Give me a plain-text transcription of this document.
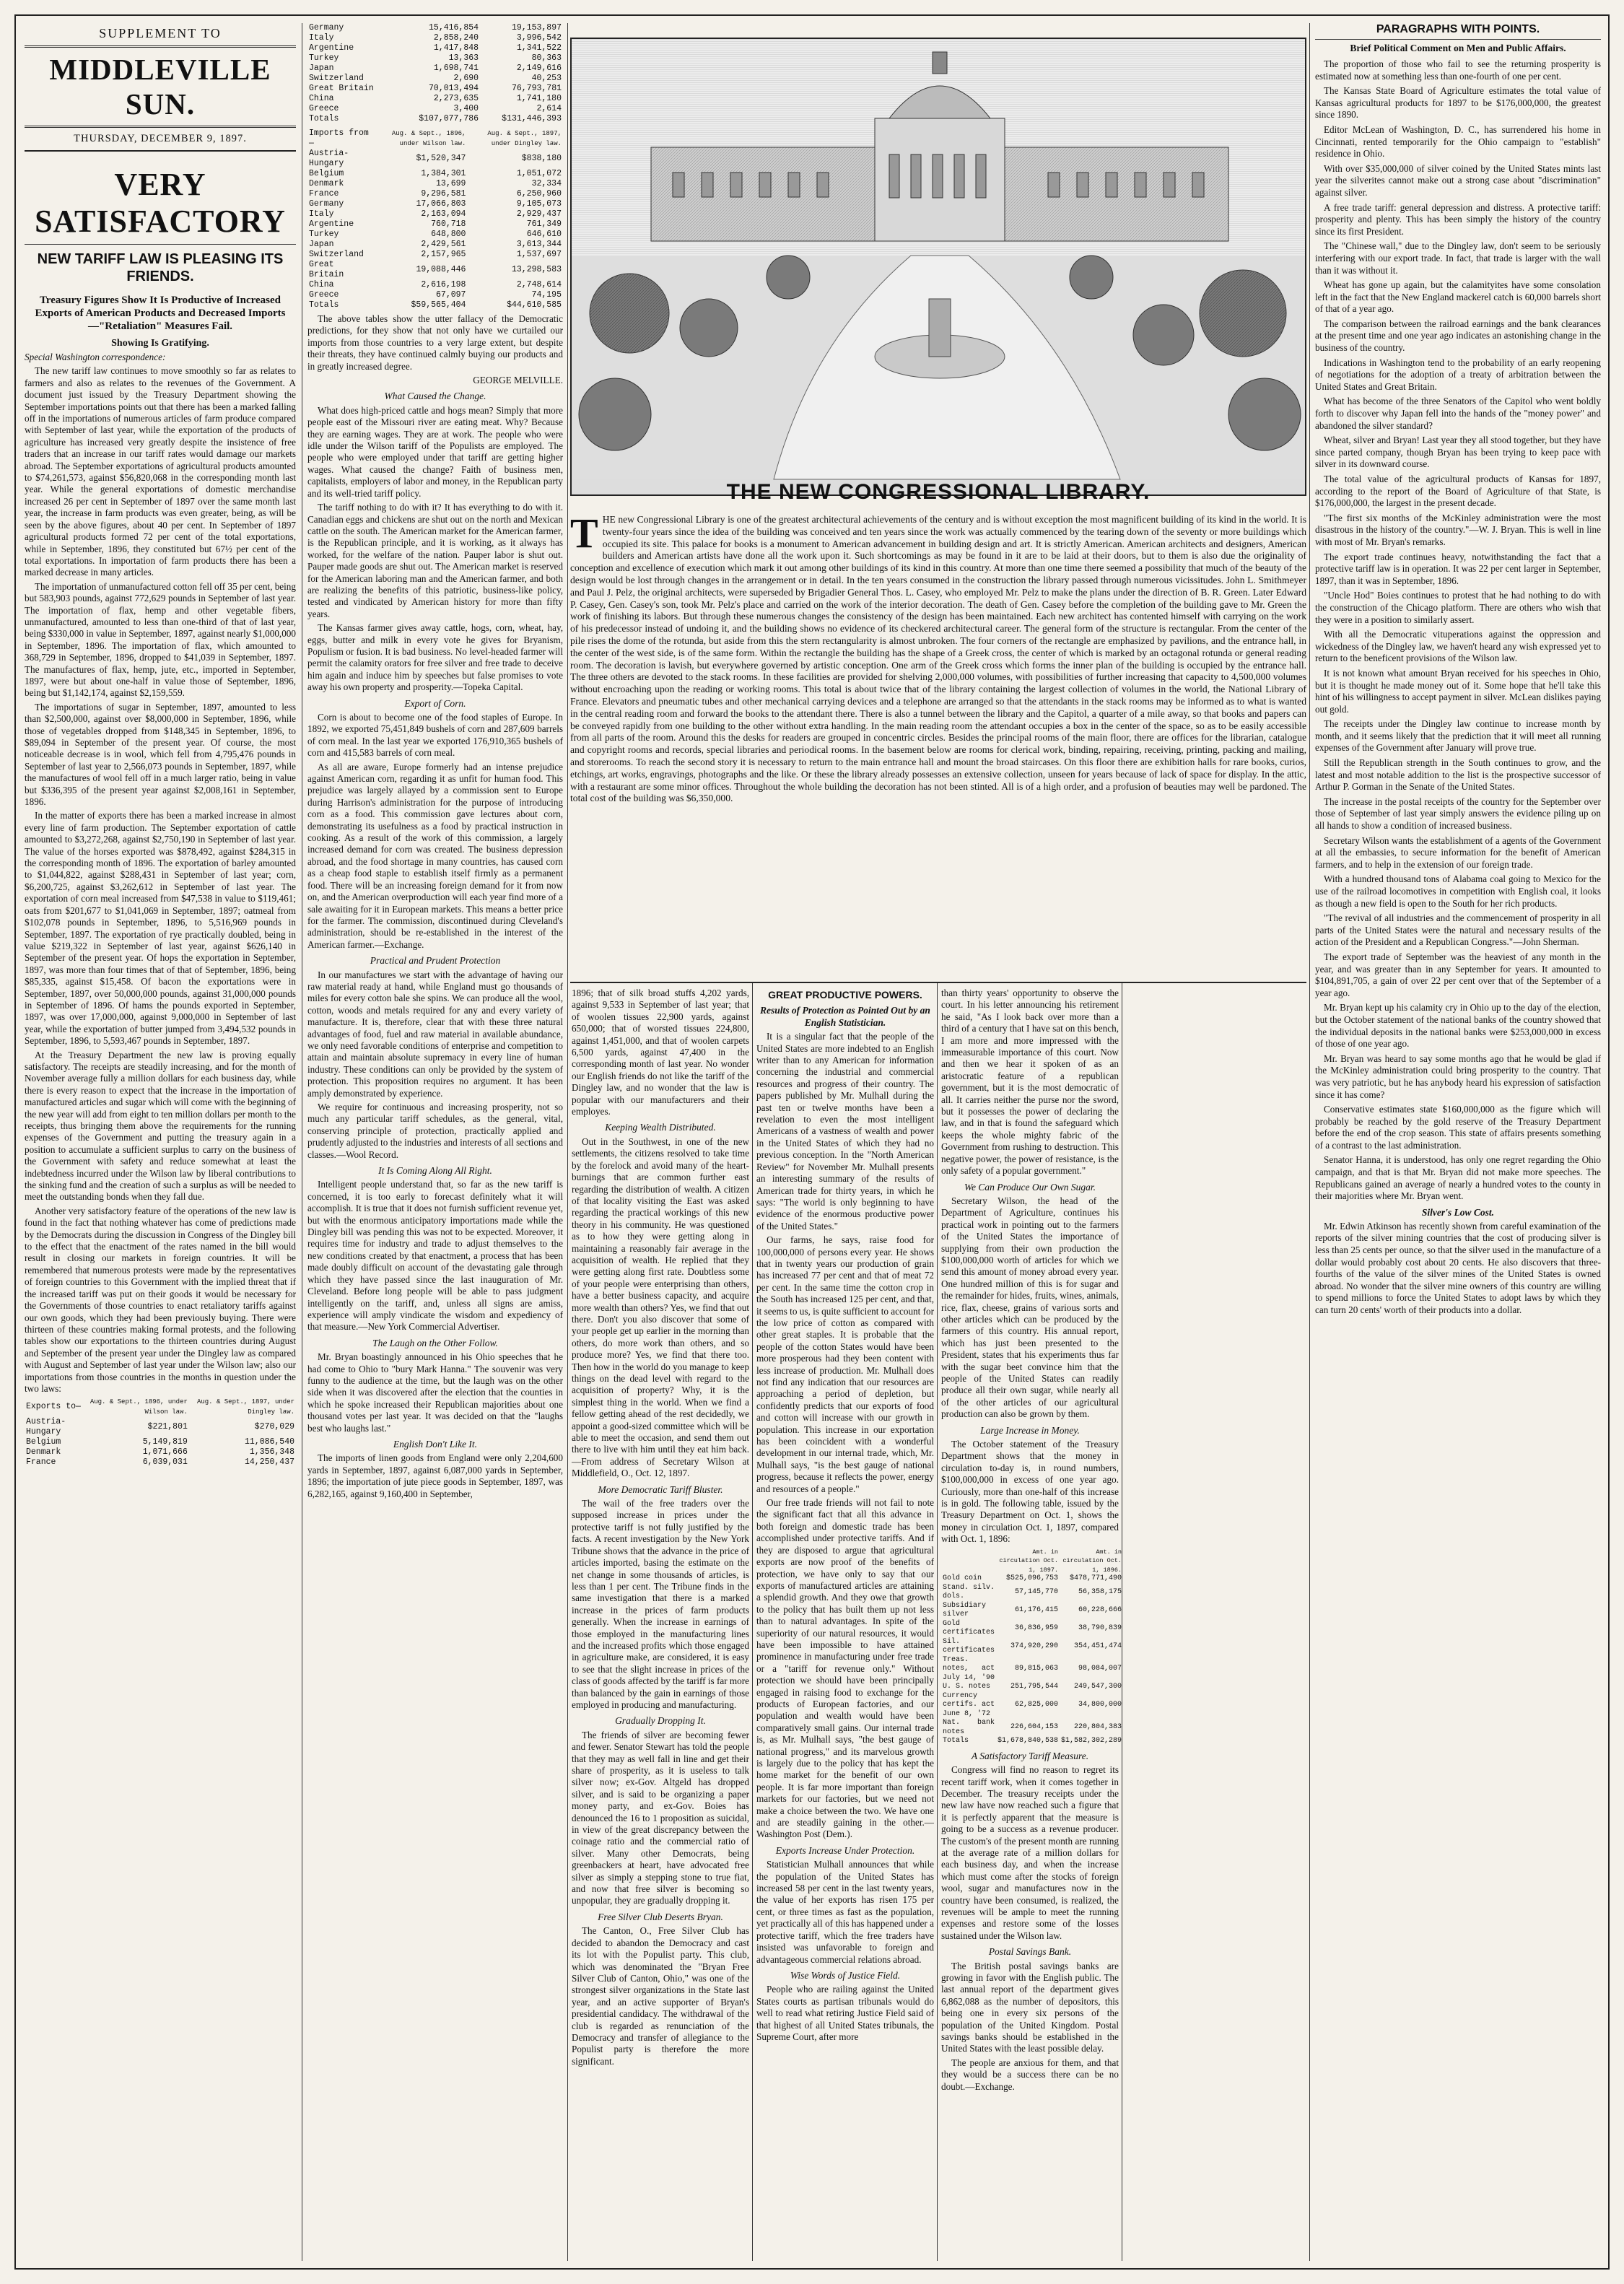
SUPPLEMENT TO
MIDDLEVILLE SUN.
THURSDAY, DECEMBER 9, 1897.
VERY SATISFACTORY
NEW TARIFF LAW IS PLEASING ITS FRIENDS.
Treasury Figures Show It Is Productive of Increased Exports of American Products and Decreased Imports —"Retaliation" Measures Fail.
Showing Is Gratifying.

Special Washington correspondence:

The new tariff law continues to move smoothly so far as relates to farmers and also as relates to the revenues of the Government. A document just issued by the Treasury Department showing the September importations points out that there has been a marked falling off in the importations of numerous articles of farm produce compared with September of last year, while the exportation of the products of agriculture has increased very greatly despite the insistence of free traders that an increase in our tariff rates would damage our markets abroad. The September exportations of agricultural products amounted to $74,261,573, against $56,820,068 in the corresponding month last year. While the general exportations of domestic merchandise increased 26 per cent in September of 1897 over the same month last year, the increase in farm products was even greater, being, as will be seen by the above figures, about 40 per cent. In September of 1897 agricultural products formed 72 per cent of the total exportations, while in September, 1896, they constituted but 67½ per cent of the total exportations. In importation of farm products there has been a marked decrease in many articles.

The importation of unmanufactured cotton fell off 35 per cent, being but 583,903 pounds, against 772,629 pounds in September of last year. The importation of flax, hemp and other vegetable fibers, unmanufactured, amounted to less than one-third of that of last year, being $330,000 in value in September, 1897, against nearly $1,000,000 in September, 1896. The importation of flax, which amounted to 368,729 in September, 1896, dropped to $41,039 in September, 1897. The manufactures of flax, hemp, jute, etc., imported in September, 1897, were but about one-half in value those of September, 1896, being but $1,142,174, against $2,159,559.

The importations of sugar in September, 1897, amounted to less than $2,500,000, against over $8,000,000 in September, 1896, while those of vegetables dropped from $148,345 in September, 1896, to $89,094 in September of the present year. Of course, the most noticeable decrease is in wool, which fell from 4,795,476 pounds in September of last year to 2,566,073 pounds in September, 1897, while the manufactures of wool fell off in a much larger ratio, being in value but $336,395 of the present year against $2,008,161 in September, 1896.

In the matter of exports there has been a marked increase in almost every line of farm production. The September exportation of cattle amounted to $3,272,268, against $2,750,190 in September of last year. The value of the horses exported was $878,492, against $284,315 in the corresponding month of 1896. The exportation of barley amounted to $1,044,822, against $288,431 in September of last year; corn, $6,200,725, against $3,262,612 in September of last year. The exportation of corn meal increased from $47,538 in value to $119,461; oats from $201,677 to $1,041,069 in September, 1897; oatmeal from $102,078 pounds in September, 1896, to 5,516,969 pounds in September, 1897. The exportation of rye practically doubled, being in value $219,322 in September of last year, against $626,140 in September of the present year. Of hops the exportation in September, 1897, was more than four times that of that of September, 1896, being $85,335, against $15,458. Of bacon the exportations were in September, 1897, over 50,000,000 pounds, against 31,000,000 pounds in September of 1896. Of hams the pounds exported in September, 1897, was over 17,000,000, against 9,000,000 in September of last year, while the exportation of butter jumped from 3,494,532 pounds in September, 1896, to 5,593,467 pounds in September, 1897.

At the Treasury Department the new law is proving equally satisfactory. The receipts are steadily increasing, and for the month of November average fully a million dollars for each business day, while there is every reason to expect that the increase in the importation of manufactured articles and sugar which will come with the beginning of the new year will add from eight to ten million dollars per month to the receipts, thus bringing them above the requirements for the running expenses of the Government and putting the treasury again in a position to accumulate a sufficient surplus to carry on the business of the Government with safety and reduce somewhat at least the indebtedness incurred under the Wilson law by liberal contributions to the sinking fund and the creation of such a surplus as will be needed to meet the outstanding bonds when they fall due.

Another very satisfactory feature of the operations of the new law is found in the fact that nothing whatever has come of predictions made by the Democrats during the discussion in Congress of the Dingley bill to the effect that the enactment of the rates named in the bill would result in closing our markets in foreign countries. It will be remembered that numerous protests were made by the representatives of foreign countries to this Government with the implied threat that if the increased tariff was put on their goods it would be necessary for the Governments of those countries to enact retaliatory tariffs against our own goods, which they had been previously buying. There were thirteen of these countries making formal protests, and the following tables show our exportations to the thirteen countries during August and September of the present year under the Dingley law as compared with August and September of last year under the Wilson law; also our importations from those countries in the months in question under the two laws:

Exports to—	Aug. & Sept., 1896, under Wilson law.	Aug. & Sept., 1897, under Dingley law.
Austria-Hungary	$221,801	$270,029
Belgium	5,149,819	11,086,540
Denmark	1,071,666	1,356,348
France	6,039,031	14,250,437
Germany	15,416,854	19,153,897
Italy	2,858,240	3,996,542
Argentine	1,417,848	1,341,522
Turkey	13,363	80,363
Japan	1,698,741	2,149,616
Switzerland	2,690	40,253
Great Britain	70,013,494	76,793,781
China	2,273,635	1,741,180
Greece	3,400	2,614
Totals	$107,077,786	$131,446,393
Imports from—	Aug. & Sept., 1896, under Wilson law.	Aug. & Sept., 1897, under Dingley law.
Austria-Hungary	$1,520,347	$838,180
Belgium	1,384,301	1,051,072
Denmark	13,699	32,334
France	9,296,581	6,250,960
Germany	17,066,803	9,105,073
Italy	2,163,094	2,929,437
Argentine	760,718	761,349
Turkey	648,800	646,610
Japan	2,429,561	3,613,344
Switzerland	2,157,965	1,537,697
Great Britain	19,088,446	13,298,583
China	2,616,198	2,748,614
Greece	67,097	74,195
Totals	$59,565,404	$44,610,585

The above tables show the utter fallacy of the Democratic predictions, for they show that not only have we curtailed our imports from those countries to a very large extent, but despite their threats, they have continued calmly buying our products and in greatly increased degree.

GEORGE MELVILLE.

What Caused the Change.

What does high-priced cattle and hogs mean? Simply that more people east of the Missouri river are eating meat. Why? Because they are earning wages. They are at work. The people who were idle under the Wilson tariff of the Populists are employed. The people who were employed under that tariff are getting higher wages. What caused the change? Faith of business men, capitalists, employers of labor and money, in the Republican party and its well-tried tariff policy.

The tariff nothing to do with it? It has everything to do with it. Canadian eggs and chickens are shut out on the north and Mexican cattle on the south. The American market for the American farmer, is the Republican principle, and it is working, as it always has worked, for the welfare of the nation. Pauper labor is shut out. Pauper made goods are shut out. The American market is reserved for the American laboring man and the American farmer, and both are realizing the benefits of this patriotic, business-like policy, tested and vindicated by American history for more than fifty years.

The Kansas farmer gives away cattle, hogs, corn, wheat, hay, eggs, butter and milk in every vote he gives for Bryanism, Populism or fusion. It is bad business. No level-headed farmer will permit the calamity orators for free silver and free trade to deceive him again and induce him by speeches but false promises to vote away his own property and prosperity.—Topeka Capital.

Export of Corn.

Corn is about to become one of the food staples of Europe. In 1892, we exported 75,451,849 bushels of corn and 287,609 barrels of corn meal. In the last year we exported 176,910,365 bushels of corn and 415,583 barrels of corn meal.

As all are aware, Europe formerly had an intense prejudice against American corn, regarding it as unfit for human food. This prejudice was largely allayed by a commission sent to Europe during Harrison's administration for the purpose of introducing corn as a food. This commission gave lectures about corn, demonstrating its usefulness as a food by practical instruction in cooking. As a result of the work of this commission, a largely increased demand for corn was created. The business depression abroad, and the food shortage in many countries, has caused corn as a cheap food staple to establish itself firmly as a permanent food. There will be an increasing foreign demand for it from now on, and the American overproduction will each year find more of a sale awaiting for it in European markets. This means a better price for the farmer. The commission, discontinued during Cleveland's administration, should be re-established in the interest of the American farmer.—Exchange.

Practical and Prudent Protection

In our manufactures we start with the advantage of having our raw material ready at hand, while England must go thousands of miles for every cotton bale she spins. We can produce all the wool, cotton, woods and metals required for any and every variety of manufacture. It is, therefore, clear that with these three natural advantages of food, fuel and raw material in available abundance, we only need favorable conditions of enterprise and competition to attain and maintain absolute supremacy in every line of human industry. These conditions can only be provided by the system of protection. This proposition requires no argument. It has been amply demonstrated by experience.

We require for continuous and increasing prosperity, not so much any particular tariff schedules, as the general, vital, conserving principle of protection, practically applied and prudently adjusted to the industries and interests of all sections and classes.—Wool Record.

It Is Coming Along All Right.

Intelligent people understand that, so far as the new tariff is concerned, it is too early to forecast definitely what it will accomplish. It is true that it does not furnish sufficient revenue yet, but with the enormous anticipatory importations made while the Dingley bill was pending this was not to be expected. Moreover, it requires time for industry and trade to adjust themselves to the new conditions created by that enactment, a process that has been made doubly difficult on account of the devastating gale through which they have passed since the last inauguration of Mr. Cleveland. Before long people will be able to pass judgment intelligently on the tariff, and, unless all signs are amiss, experience will amply vindicate the wisdom and expediency of that measure.—New York Commercial Advertiser.

The Laugh on the Other Follow.

Mr. Bryan boastingly announced in his Ohio speeches that he had come to Ohio to "bury Mark Hanna." The souvenir was very funny to the audience at the time, but the laugh was on the other side when it was discovered after the election that the counties in which he spoke increased their Republican majorities about one thousand votes per last year. It was decided on that the "laughs best who laughs last."

English Don't Like It.

The imports of linen goods from England were only 2,204,600 yards in September, 1897, against 6,087,000 yards in September, 1896; the importation of jute piece goods in September, 1897, was 6,282,165, against 9,160,400 in September,

THE NEW CONGRESSIONAL LIBRARY.
THE new Congressional Library is one of the greatest architectural achievements of the century and is without exception the most magnificent building of its kind in the world. It is twenty-four years since the idea of the building was conceived and ten years since the work was actually commenced by the tearing down of the seventy or more buildings which occupied its site. This palace for books is a monument to American advancement in building design and art. It is strictly American. American architects and designers, American builders and American artists have done all the work upon it. Such shortcomings as may be found in it are to be laid at their doors, but to them is also due the originality of conception and excellence of execution which mark it out among other buildings of its kind in this country. At more than one time there seemed a possibility that much of the beauty of the design would be lost through changes in the arrangement or in detail. In the ten years consumed in the construction the library passed through numerous vicissitudes. John L. Smithmeyer and Paul J. Pelz, the original architects, were superseded by Brigadier General Thos. L. Casey, who employed Mr. Pelz to make the plans under the direction of B. R. Green. Later Edward P. Casey, Gen. Casey's son, took Mr. Pelz's place and carried on the work of the interior decoration. The death of Gen. Casey before the completion of the building gave to Mr. Green the work of finishing its labors. But through these numerous changes the consistency of the design has been maintained. Each new architect has contented himself with carrying on the work of his predecessor instead of undoing it, and the building shows no evidence of its checkered architectural career. The general form of the structure is rectangular. From the center of the pile rises the dome of the rotunda, but aside from this the stern rectangularity is almost unbroken. The four corners of the rectangle are emphasized by pavilions, and the entrance hall, in the center of the west side, is of the same form. Within the rectangle the building has the shape of a Greek cross, the center of which is marked by an octagonal rotunda or general reading room. The decoration is lavish, but everywhere governed by artistic conception. One arm of the Greek cross which forms the inner plan of the building is occupied by the entrance hall. The three others are devoted to the stack rooms. In these facilities are provided for shelving 2,000,000 volumes, with possibilities of further increasing that capacity to 4,500,000 volumes without encroaching upon the reading or working rooms. This total is about twice that of the library containing the largest collection of volumes in the world, the National Library of France. Elevators and pneumatic tubes and other mechanical carrying devices and a telephone are arranged so that the attendants in the stack rooms may be informed as to what is wanted in the central reading room and forward the books to the attendant there. There is also a tunnel between the library and the Capitol, a quarter of a mile away, so that books and papers can be conveyed rapidly from one building to the other without extra handling. In the main reading room the attendant occupies a box in the center of the space, so as to be easily accessible from all parts of the room. Around this the desks for readers are grouped in concentric circles. Besides the principal rooms of the main floor, there are offices for the librarian, catalogue and copyright rooms and records, special libraries and periodical rooms. In the basement below are rooms for clerical work, binding, repairing, receiving, printing, packing and mailing, and storerooms. To reach the second story it is necessary to return to the main entrance hall and mount the broad staircases. On this floor there are exhibition halls for rare books, curios, etchings, art works, engravings, photographs and the like. Or these the library already possesses an extensive collection, unseen for years because of lack of space for display. In the attic, with a restaurant are some minor offices. Throughout the whole building the decoration has not been stinted. All is of a high order, and a profusion of beauties may well be pardoned. The total cost of the building was $6,350,000.

1896; that of silk broad stuffs 4,202 yards, against 9,533 in September of last year; that of woolen tissues 22,900 yards, against 650,000; that of worsted tissues 224,800, against 1,451,000, and that of woolen carpets 6,500 yards, against 47,400 in the corresponding month of last year. No wonder our English friends do not like the tariff of the Dingley law, and no wonder that the law is popular with our manufacturers and their employes.

Keeping Wealth Distributed.

Out in the Southwest, in one of the new settlements, the citizens resolved to take time by the forelock and avoid many of the heart-burnings that are common further east regarding the distribution of wealth. A citizen of that locality visiting the East was asked regarding the practical workings of this new theory in his community. He was questioned as to how they were getting along in maintaining a reasonably fair average in the acquisition of wealth. He replied that they were getting along first rate. Doubtless some of your people were enterprising than others, have a better business capacity, and acquire more wealth than others? Yes, we find that out there. Don't you also discover that some of your people get up earlier in the morning than others, do more work than others, and so produce more? Yes, we find that there too. Then how in the world do you manage to keep things on the dead level with regard to the acquisition of property? Why, it is the simplest thing in the world. When we find a fellow getting ahead of the rest decidedly, we appoint a good-sized committee which will be able to meet the occasion, and send them out there to live with him until they eat him back.—From address of Secretary Wilson at Middlefield, O., Oct. 12, 1897.

More Democratic Tariff Bluster.

The wail of the free traders over the supposed increase in prices under the protective tariff is not fully justified by the facts. A recent investigation by the New York Tribune shows that the advance in the price of articles imported, basing the estimate on the net change in some thousands of articles, is less than 1 per cent. The Tribune finds in the same investigation that there is a marked increase in the prices of farm products generally. When the increase in earnings of those employed in the manufacturing lines and the increased profits which those engaged in agriculture make, are considered, it is easy to see that the slight increase in prices of the class of goods affected by the tariff is far more than balanced by the gain in earnings of those employed in producing and manufacturing.

Gradually Dropping It.

The friends of silver are becoming fewer and fewer. Senator Stewart has told the people that they may as well fall in line and get their share of prosperity, as it is useless to talk silver now; ex-Gov. Altgeld has dropped silver, and is said to be organizing a paper money party, and ex-Gov. Boies has denounced the 16 to 1 proposition as suicidal, in view of the great discrepancy between the coinage ratio and the commercial ratio of silver. Many other Democrats, being greenbackers at heart, have advocated free silver as simply a stepping stone to true fiat, and now that free silver is becoming so unpopular, they are gradually dropping it.

Free Silver Club Deserts Bryan.

The Canton, O., Free Silver Club has decided to abandon the Democracy and cast its lot with the Populist party. This club, which was denominated the "Bryan Free Silver Club of Canton, Ohio," was one of the strongest silver organizations in the State last year, and an active supporter of Bryan's presidential candidacy. The withdrawal of the club is regarded as renunciation of the Democracy and transfer of allegiance to the Populist party is therefore the more significant.

GREAT PRODUCTIVE POWERS.
Results of Protection as Pointed Out by an English Statistician.

It is a singular fact that the people of the United States are more indebted to an English writer than to any American for information concerning the industrial and commercial resources and progress of their country. The papers published by Mr. Mulhall during the past ten or twelve months have been a revelation to even the most intelligent Americans of a vastness of wealth and power in the United States of which they had no previous conception. In the "North American Review" for November Mr. Mulhall presents an interesting summary of the results of American trade for thirty years, in which he says: "The world is only beginning to have evidence of the enormous productive power of the United States."

Our farms, he says, raise food for 100,000,000 of persons every year. He shows that in twenty years our production of grain has increased 77 per cent and that of meat 72 per cent. In the same time the cotton crop in the South has increased 125 per cent, and that, it seems to us, is quite sufficient to account for the low price of cotton as compared with other great staples. It is probable that the people of the cotton States would have been more prosperous had they been content with less increase of production. Mr. Mulhall does not find any indication that our resources are approaching a period of depletion, but confidently predicts that our exports of food and cotton will increase with our growth in population. This increase in our exportation has been coincident with a wonderful development in our internal trade, which, Mr. Mulhall says, "is the best gauge of national progress, because it reflects the power, energy and resources of a people."

Our free trade friends will not fail to note the significant fact that all this advance in both foreign and domestic trade has been accomplished under protective tariffs. And if they are disposed to argue that agricultural exports are now proof of the benefits of protection, we have only to say that our exports of manufactured articles are attaining a splendid growth. And they owe that growth to the policy that has built them up not less than to natural advantages. In spite of the superiority of our natural resources, it would have been impossible to have attained prominence in manufacturing under free trade or a "tariff for revenue only." Without protection we should have been principally engaged in raising food to exchange for the products of European factories, and our population and wealth would have been comparatively small gains. Our internal trade is, as Mr. Mulhall says, "the best gauge of national progress," and its marvelous growth is largely due to the policy that has kept the home market for the benefit of our own people. It is far more important than foreign markets for our factories, but we need not make a choice between the two. We have one and are steadily gaining in the other.—Washington Post (Dem.).

Exports Increase Under Protection.

Statistician Mulhall announces that while the population of the United States has increased 58 per cent in the last twenty years, the value of her exports has risen 175 per cent, or three times as fast as the population, yet practically all of this has happened under a protective tariff, which the free traders have insisted was unfavorable to foreign and advantageous commercial relations abroad.

Wise Words of Justice Field.

People who are railing against the United States courts as partisan tribunals would do well to read what retiring Justice Field said of that highest of all United States tribunals, the Supreme Court, after more

than thirty years' opportunity to observe the court. In his letter announcing his retirement he said, "As I look back over more than a third of a century that I have sat on this bench, I am more and more impressed with the immeasurable importance of this court. Now and then we hear it spoken of as an aristocratic feature of a republican government, but it is the most democratic of all. It carries neither the purse nor the sword, but it possesses the power of declaring the law, and in that is found the safeguard which keeps the whole mighty fabric of the Government from rushing to destruction. This negative power, the power of resistance, is the only safety of a popular government."

We Can Produce Our Own Sugar.

Secretary Wilson, the head of the Department of Agriculture, continues his practical work in pointing out to the farmers of the United States the importance of supplying from their own production the $100,000,000 worth of articles for which we send this amount of money abroad every year. One hundred million of this is for sugar and the remainder for hides, fruits, wines, animals, rice, flax, cheese, grains of various sorts and other articles which can be produced by the farmers of this country. His annual report, which has just been presented to the President, states that his experiments thus far with the sugar beet convince him that the people of the United States can readily produce all their own sugar, while nearly all of the other articles of our agricultural production can also be grown by them.

Large Increase in Money.

The October statement of the Treasury Department shows that the money in circulation to-day is, in round numbers, $100,000,000 in excess of one year ago. Curiously, more than one-half of this increase is in gold. The following table, issued by the Treasury Department on Oct. 1, shows the money in circulation Oct. 1, 1897, compared with Oct. 1, 1896:

	Amt. in circulation Oct. 1, 1897.	Amt. in circulation Oct. 1, 1896.
Gold coin	$525,096,753	$478,771,490
Stand. silv. dols.	57,145,770	56,358,175
Subsidiary silver	61,176,415	60,228,666
Gold certificates	36,836,959	38,790,839
Sil. certificates	374,920,290	354,451,474
Treas. notes, act July 14, '90	89,815,063	98,084,007
U. S. notes	251,795,544	249,547,300
Currency certifs. act June 8, '72	62,825,000	34,800,000
Nat. bank notes	226,604,153	220,804,383
Totals	$1,678,840,538	$1,582,302,289
A Satisfactory Tariff Measure.

Congress will find no reason to regret its recent tariff work, when it comes together in December. The treasury receipts under the new law have now reached such a figure that it is perfectly apparent that the measure is going to be a success as a revenue producer. The custom's of the present month are running at the average rate of a million dollars for each business day, and when the increase which must come after the stocks of foreign wool, sugar and manufactures now in the country have been consumed, is realized, the revenues will be ample to meet the running expenses and restore some of the losses sustained under the Wilson law.

Postal Savings Bank.

The British postal savings banks are growing in favor with the English public. The last annual report of the department gives 6,862,088 as the number of depositors, this being one in every six persons of the population of the United Kingdom. Postal savings banks should be established in the United States with the least possible delay.

The people are anxious for them, and that they would be a success there can be no doubt.—Exchange.

PARAGRAPHS WITH POINTS.
Brief Political Comment on Men and Public Affairs.

The proportion of those who fail to see the returning prosperity is estimated now at something less than one-fourth of one per cent.

The Kansas State Board of Agriculture estimates the total value of Kansas agricultural products for 1897 to be $176,000,000, the greatest since 1890.

Editor McLean of Washington, D. C., has surrendered his home in Cincinnati, rented temporarily for the Ohio campaign to "establish" residence in Ohio.

With over $35,000,000 of silver coined by the United States mints last year the silverites cannot make out a strong case about "discrimination" against silver.

A free trade tariff: general depression and distress. A protective tariff: prosperity and plenty. This has been simply the history of the country since its first President.

The "Chinese wall," due to the Dingley law, don't seem to be seriously interfering with our export trade. In fact, that trade is larger with the wall than it was without it.

Wheat has gone up again, but the calamityites have some consolation left in the fact that the New England mackerel catch is 60,000 barrels short of that of a year ago.

The comparison between the railroad earnings and the bank clearances at the present time and one year ago indicates an astonishing change in the business of the country.

Indications in Washington tend to the probability of an early reopening of negotiations for the adoption of a treaty of arbitration between the United States and Great Britain.

What has become of the three Senators of the Capitol who went boldly forth to discover why Japan fell into the hands of the "money power" and abandoned the silver standard?

Wheat, silver and Bryan! Last year they all stood together, but they have since parted company, though Bryan has been trying to keep pace with silver in its downward course.

The total value of the agricultural products of Kansas for 1897, according to the report of the Board of Agriculture of that State, is $176,000,000, the largest in the present decade.

"The first six months of the McKinley administration were the most disastrous in the history of the country."—W. J. Bryan. This is well in line with most of Mr. Bryan's remarks.

The export trade continues heavy, notwithstanding the fact that a protective tariff law is in operation. It was 22 per cent larger in September, 1897, than it was in September, 1896.

"Uncle Hod" Boies continues to protest that he had nothing to do with the construction of the Chicago platform. There are others who wish that they were in a position to similarly assert.

With all the Democratic vituperations against the oppression and wickedness of the Dingley law, we haven't heard any wish expressed yet to return to the beneficent provisions of the Wilson law.

It is not known what amount Bryan received for his speeches in Ohio, but it is thought he made money out of it. Some hope that he'll take this hint of his willingness to accept payment in silver. McLean dislikes paying out gold.

The receipts under the Dingley law continue to increase month by month, and it seems likely that the prediction that it will meet all running expenses of the Government after January will prove true.

Still the Republican strength in the South continues to grow, and the latest and most notable addition to the list is the prospective successor of Arthur P. Gorman in the Senate of the United States.

The increase in the postal receipts of the country for the September over those of September of last year simply answers the evidence piling up on all hands to show a condition of increased business.

Secretary Wilson wants the establishment of a agents of the Government at all the embassies, to secure information for the benefit of American farmers, and to help in the extension of our foreign trade.

With a hundred thousand tons of Alabama coal going to Mexico for the use of the railroad locomotives in competition with English coal, it looks as though a new field is open to the South for her rich products.

"The revival of all industries and the commencement of prosperity in all parts of the United States were the natural and necessary results of the action of the President and a Republican Congress."—John Sherman.

The export trade of September was the heaviest of any month in the year, and was greater than in any September for years. It amounted to $104,891,705, a gain of over 22 per cent over that of the September of a year ago.

Mr. Bryan kept up his calamity cry in Ohio up to the day of the election, but the October statement of the national banks of the country showed that the individual deposits in the national banks were $253,000,000 in excess of those of one year ago.

Mr. Bryan was heard to say some months ago that he would be glad if the McKinley administration could bring prosperity to the country. That was very patriotic, but he has anybody heard his expression of satisfaction since it has come?

Conservative estimates state $160,000,000 as the figure which will probably be reached by the gold reserve of the Treasury Department before the end of the crop season. This state of affairs presents something of a contrast to the last administration.

Senator Hanna, it is understood, has only one regret regarding the Ohio campaign, and that is that Mr. Bryan did not make more speeches. The Republicans gained an average of nearly a hundred votes to the county in their majorities where Mr. Bryan went.

Silver's Low Cost.

Mr. Edwin Atkinson has recently shown from careful examination of the reports of the silver mining countries that the cost of producing silver is less than 25 cents per ounce, so that the silver used in the manufacture of a dollar would probably cost about 20 cents. He also discovers that three-fourths of the value of the silver mines of the United States is owned abroad. No wonder that the silver mine owners of this country are willing to spend millions to force the United States to adopt laws by which they can turn 20 cents' worth of their products into a dollar.
